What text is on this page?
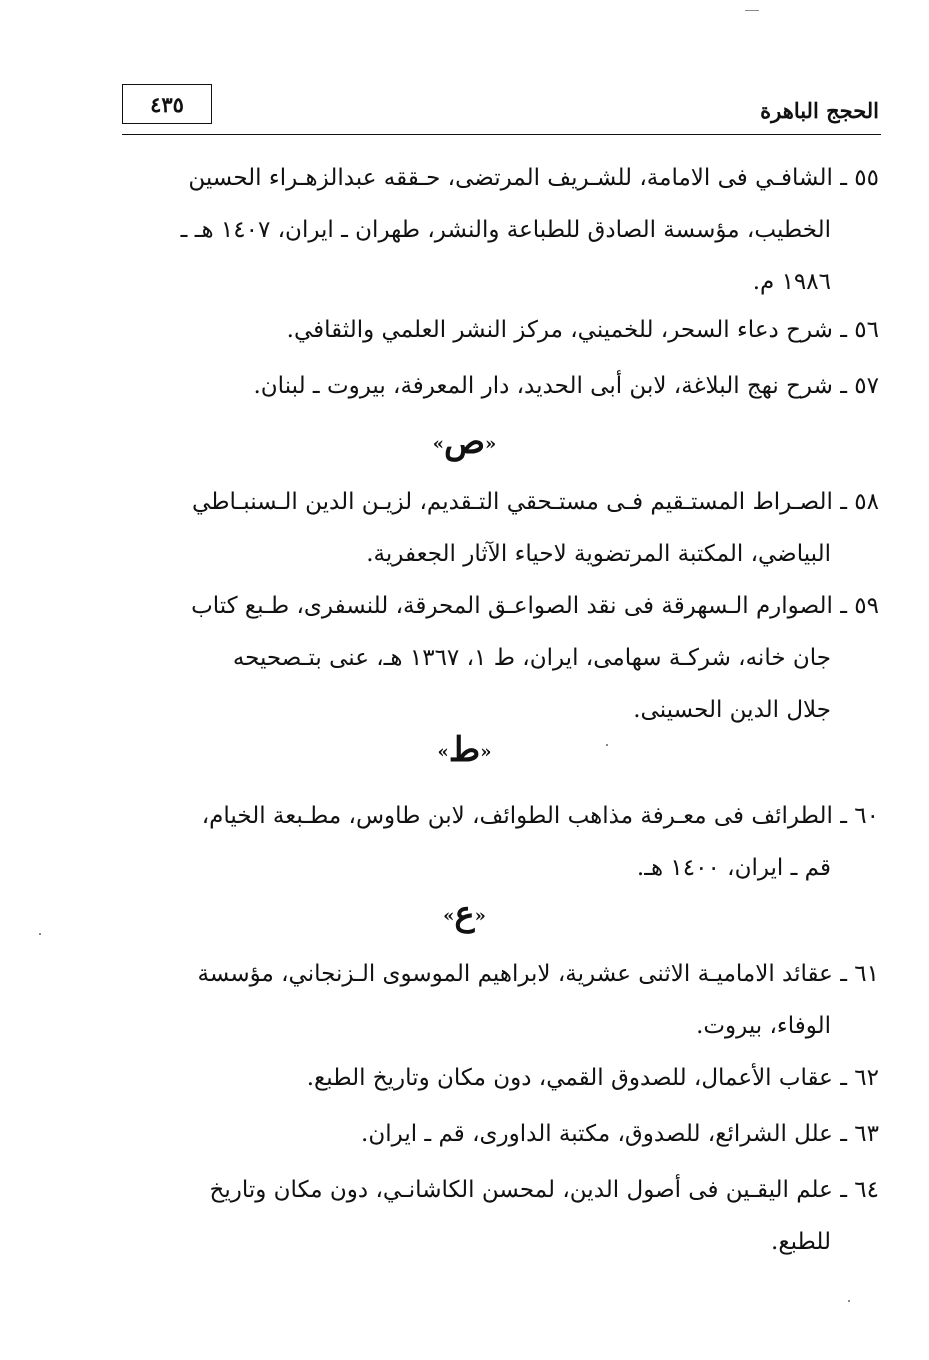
الحجج الباهرة
٤٣٥
٥٥ ـ الشافـي فى الامامة، للشـريف المرتضى، حـققه عبدالزهـراء الحسين
الخطيب، مؤسسة الصادق للطباعة والنشر، طهران ـ ايران، ١٤٠٧ هـ ـ
١٩٨٦ م.
٥٦ ـ شرح دعاء السحر، للخميني، مركز النشر العلمي والثقافي.
٥٧ ـ شرح نهج البلاغة، لابن أبى الحديد، دار المعرفة، بيروت ـ لبنان.
«ص»
٥٨ ـ الصـراط المستـقيم فـى مستـحقي التـقديم، لزيـن الدين الـسنبـاطي
البياضي، المكتبة المرتضوية لاحياء الآثار الجعفرية.
٥٩ ـ الصوارم الـسهرقة فى نقد الصواعـق المحرقة، للنسفرى، طـبع كتاب
جان خانه، شركـة سهامى، ايران، ط ١، ١٣٦٧ هـ، عنى بتـصحيحه
جلال الدين الحسينى.
«ط»
٦٠ ـ الطرائف فى معـرفة مذاهب الطوائف، لابن طاوس، مطـبعة الخيام،
قم ـ ايران، ١٤٠٠ هـ.
«ع»
٦١ ـ عقائد الاماميـة الاثنى عشرية، لابراهيم الموسوى الـزنجاني، مؤسسة
الوفاء، بيروت.
٦٢ ـ عقاب الأعمال، للصدوق القمي، دون مكان وتاريخ الطبع.
٦٣ ـ علل الشرائع، للصدوق، مكتبة الداورى، قم ـ ايران.
٦٤ ـ علم اليقـين فى أصول الدين، لمحسن الكاشانـي، دون مكان وتاريخ
للطبع.
